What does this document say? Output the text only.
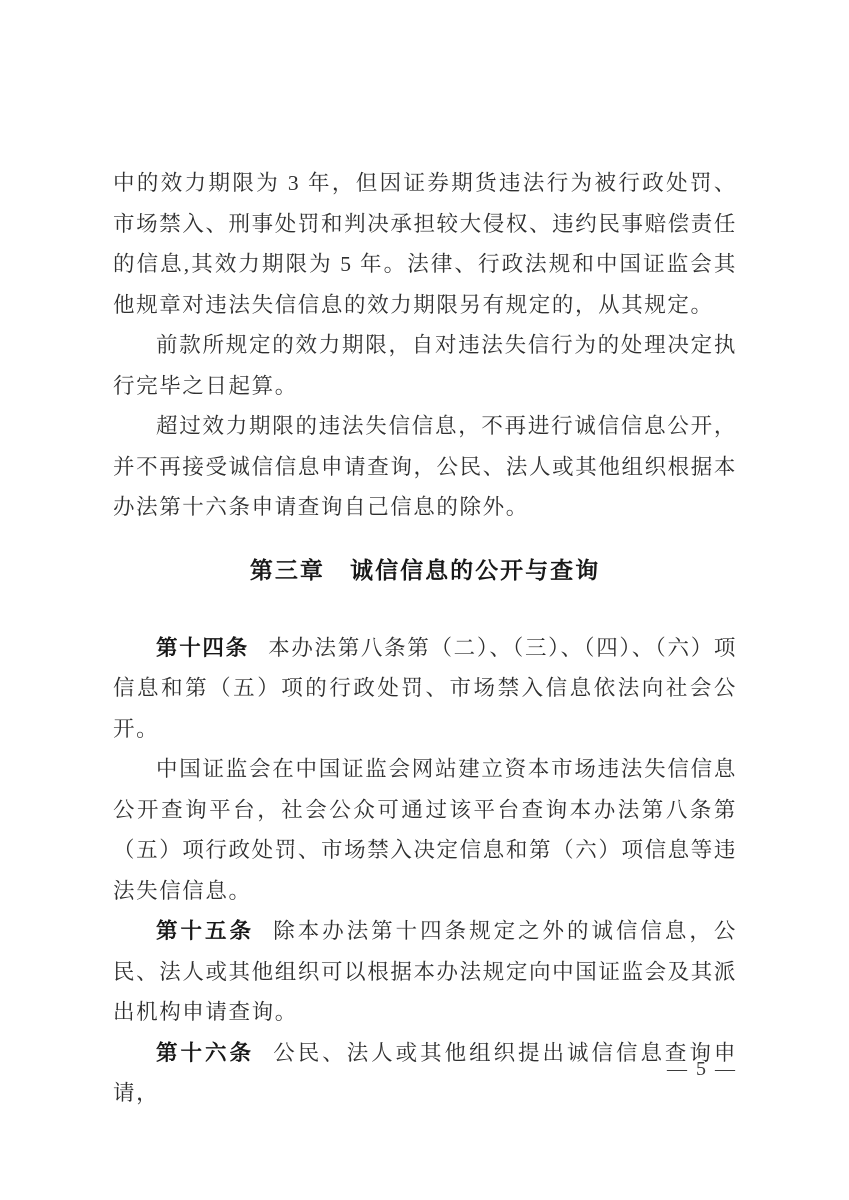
中的效力期限为 3 年，但因证券期货违法行为被行政处罚、市场禁入、刑事处罚和判决承担较大侵权、违约民事赔偿责任的信息,其效力期限为 5 年。法律、行政法规和中国证监会其他规章对违法失信信息的效力期限另有规定的，从其规定。

前款所规定的效力期限，自对违法失信行为的处理决定执行完毕之日起算。

超过效力期限的违法失信信息，不再进行诚信信息公开，并不再接受诚信信息申请查询，公民、法人或其他组织根据本办法第十六条申请查询自己信息的除外。

第三章 诚信信息的公开与查询

第十四条 本办法第八条第（二）、（三）、（四）、（六）项信息和第（五）项的行政处罚、市场禁入信息依法向社会公开。

中国证监会在中国证监会网站建立资本市场违法失信信息公开查询平台，社会公众可通过该平台查询本办法第八条第（五）项行政处罚、市场禁入决定信息和第（六）项信息等违法失信信息。

第十五条 除本办法第十四条规定之外的诚信信息，公民、法人或其他组织可以根据本办法规定向中国证监会及其派出机构申请查询。

第十六条 公民、法人或其他组织提出诚信信息查询申请，

— 5 —
